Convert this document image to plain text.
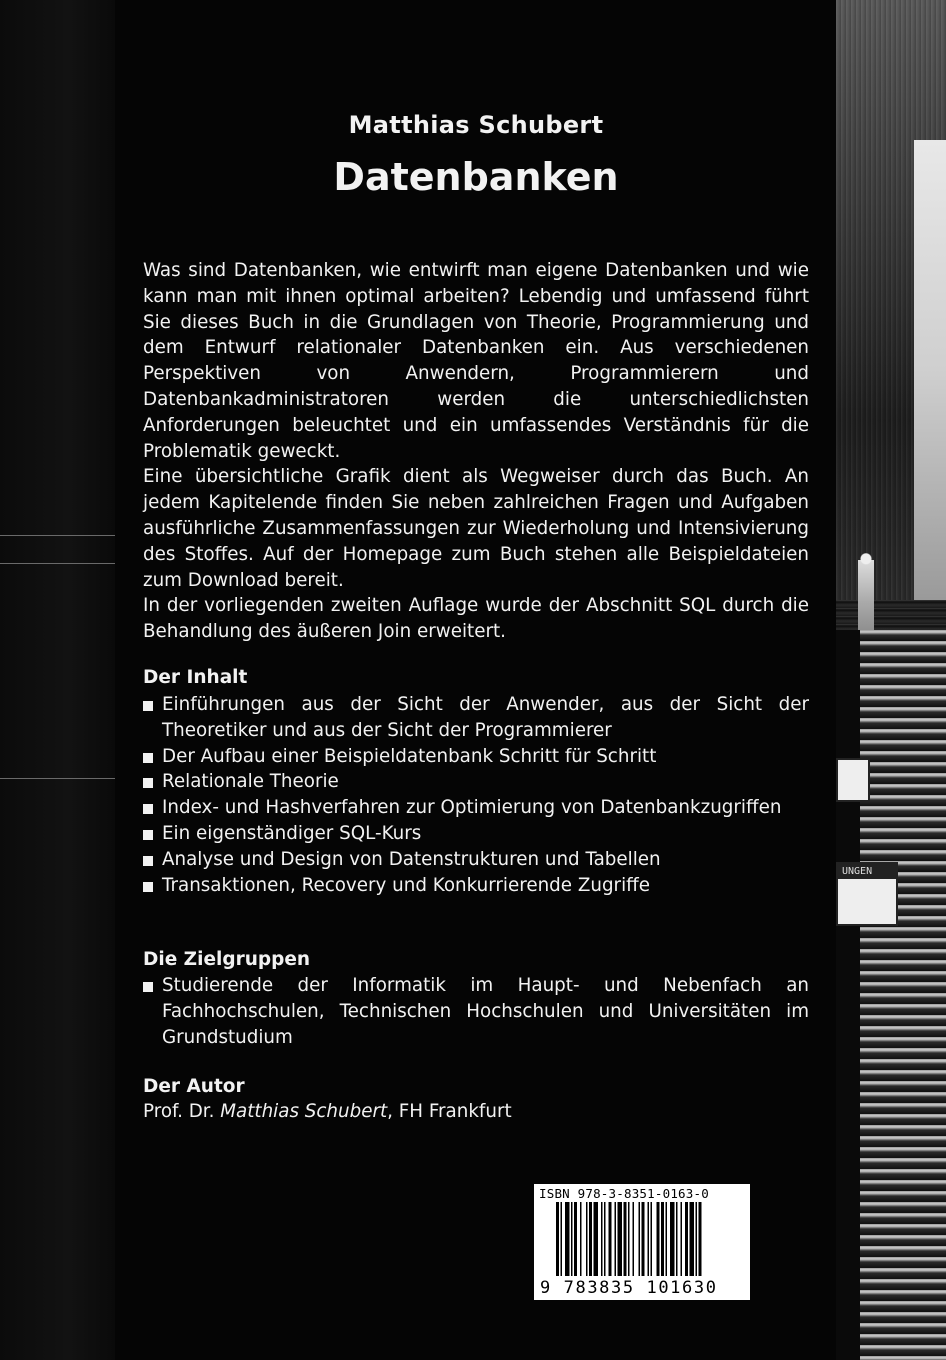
UNGEN
Matthias Schubert
Datenbanken

Was sind Datenbanken, wie entwirft man eigene Datenbanken und wie kann man mit ihnen optimal arbeiten? Lebendig und umfassend führt Sie dieses Buch in die Grundlagen von Theorie, Programmierung und dem Entwurf relationaler Datenbanken ein. Aus verschiedenen Perspektiven von Anwendern, Programmierern und Datenbankadministratoren werden die unterschiedlichsten Anforderungen beleuchtet und ein umfassendes Verständnis für die Problematik geweckt.

Eine übersichtliche Grafik dient als Wegweiser durch das Buch. An jedem Kapitelende finden Sie neben zahlreichen Fragen und Aufgaben ausführliche Zusammenfassungen zur Wiederholung und Intensivierung des Stoffes. Auf der Homepage zum Buch stehen alle Beispieldateien zum Download bereit.

In der vorliegenden zweiten Auflage wurde der Abschnitt SQL durch die Behandlung des äußeren Join erweitert.

Der Inhalt
Einführungen aus der Sicht der Anwender, aus der Sicht der Theoretiker und aus der Sicht der Programmierer
Der Aufbau einer Beispieldatenbank Schritt für Schritt
Relationale Theorie
Index- und Hashverfahren zur Optimierung von Datenbankzugriffen
Ein eigenständiger SQL-Kurs
Analyse und Design von Datenstrukturen und Tabellen
Transaktionen, Recovery und Konkurrierende Zugriffe
Die Zielgruppen
Studierende der Informatik im Haupt- und Nebenfach an Fachhochschulen, Technischen Hochschulen und Universitäten im Grundstudium
Der Autor
Prof. Dr. Matthias Schubert, FH Frankfurt
ISBN 978-3-8351-0163-0
9 783835 101630
